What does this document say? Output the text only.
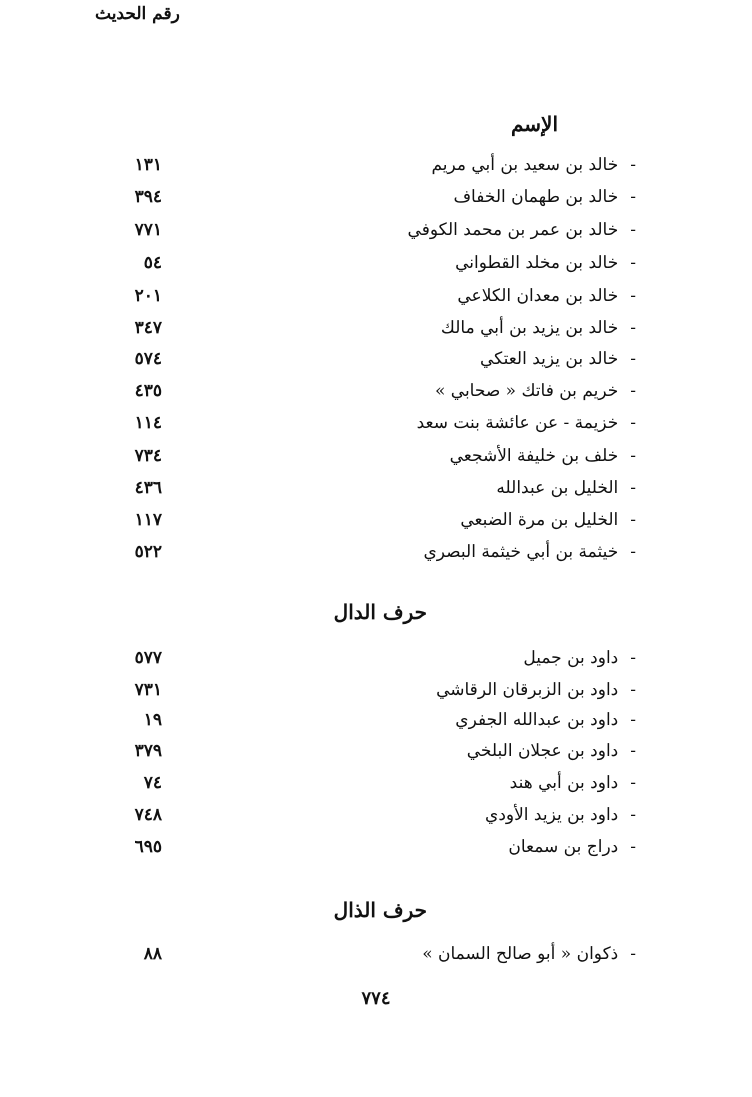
الإسم
رقم الحديث
-خالد بن سعيد بن أبي مريم
١٣١
-خالد بن طهمان الخفاف
٣٩٤
-خالد بن عمر بن محمد الكوفي
٧٧١
-خالد بن مخلد القطواني
٥٤
-خالد بن معدان الكلاعي
٢٠١
-خالد بن يزيد بن أبي مالك
٣٤٧
-خالد بن يزيد العتكي
٥٧٤
-خريم بن فاتك « صحابي »
٤٣٥
-خزيمة - عن عائشة بنت سعد
١١٤
-خلف بن خليفة الأشجعي
٧٣٤
-الخليل بن عبدالله
٤٣٦
-الخليل بن مرة الضبعي
١١٧
-خيثمة بن أبي خيثمة البصري
٥٢٢
حرف الدال
-داود بن جميل
٥٧٧
-داود بن الزبرقان الرقاشي
٧٣١
-داود بن عبدالله الجفري
١٩
-داود بن عجلان البلخي
٣٧٩
-داود بن أبي هند
٧٤
-داود بن يزيد الأودي
٧٤٨
-دراج بن سمعان
٦٩٥
حرف الذال
-ذكوان « أبو صالح السمان »
٨٨
٧٧٤
